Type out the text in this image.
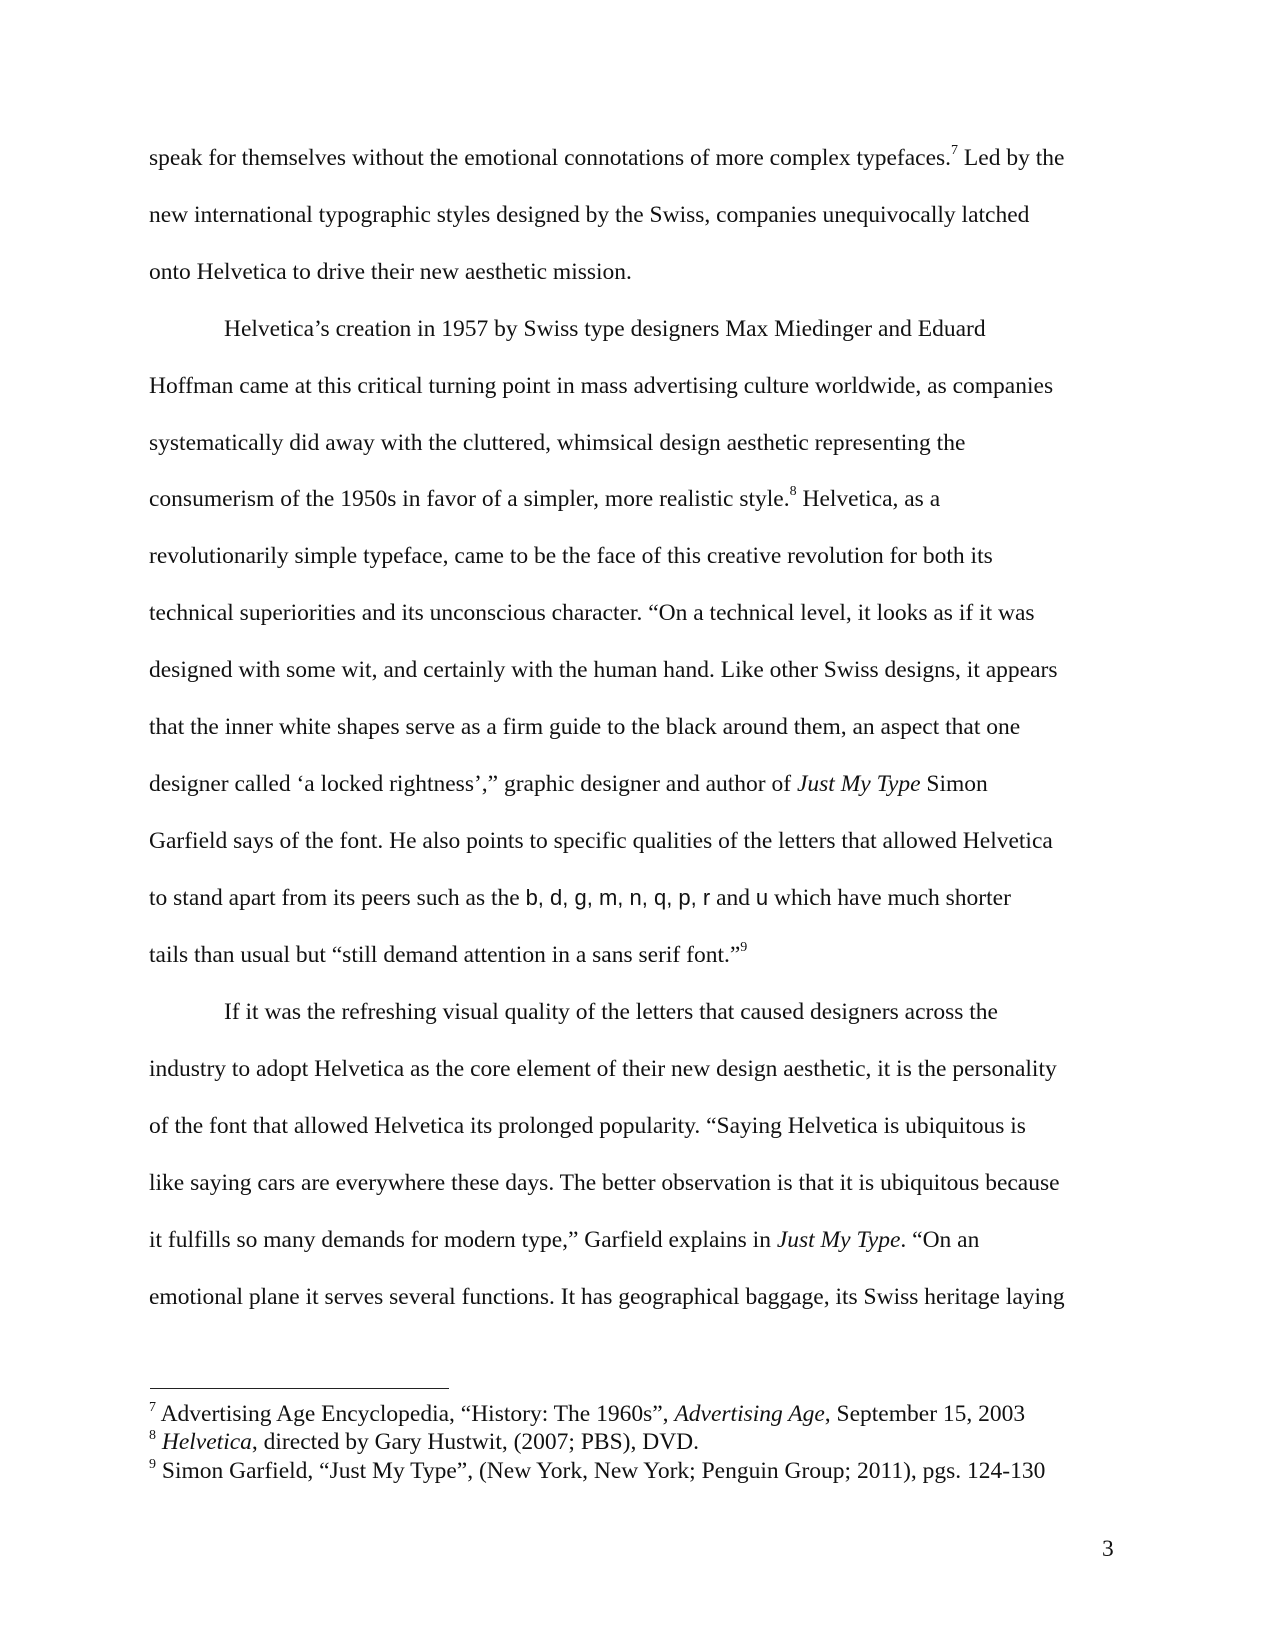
speak for themselves without the emotional connotations of more complex typefaces.$^7$ Led by the
new international typographic styles designed by the Swiss, companies unequivocally latched
onto Helvetica to drive their new aesthetic mission.
Helvetica’s creation in 1957 by Swiss type designers Max Miedinger and Eduard
Hoffman came at this critical turning point in mass advertising culture worldwide, as companies
systematically did away with the cluttered, whimsical design aesthetic representing the
consumerism of the 1950s in favor of a simpler, more realistic style.$^8$ Helvetica, as a
revolutionarily simple typeface, came to be the face of this creative revolution for both its
technical superiorities and its unconscious character. “On a technical level, it looks as if it was
designed with some wit, and certainly with the human hand. Like other Swiss designs, it appears
that the inner white shapes serve as a firm guide to the black around them, an aspect that one
designer called ‘a locked rightness’,” graphic designer and author of Just My Type Simon
Garfield says of the font. He also points to specific qualities of the letters that allowed Helvetica
to stand apart from its peers such as the b, d, g, m, n, q, p, r and u which have much shorter
tails than usual but “still demand attention in a sans serif font.”$^9$
If it was the refreshing visual quality of the letters that caused designers across the
industry to adopt Helvetica as the core element of their new design aesthetic, it is the personality
of the font that allowed Helvetica its prolonged popularity. “Saying Helvetica is ubiquitous is
like saying cars are everywhere these days. The better observation is that it is ubiquitous because
it fulfills so many demands for modern type,” Garfield explains in Just My Type. “On an
emotional plane it serves several functions. It has geographical baggage, its Swiss heritage laying
$^7$ Advertising Age Encyclopedia, “History: The 1960s”, Advertising Age, September 15, 2003
$^8$ Helvetica, directed by Gary Hustwit, (2007; PBS), DVD.
$^9$ Simon Garfield, “Just My Type”, (New York, New York; Penguin Group; 2011), pgs. 124-130
3
